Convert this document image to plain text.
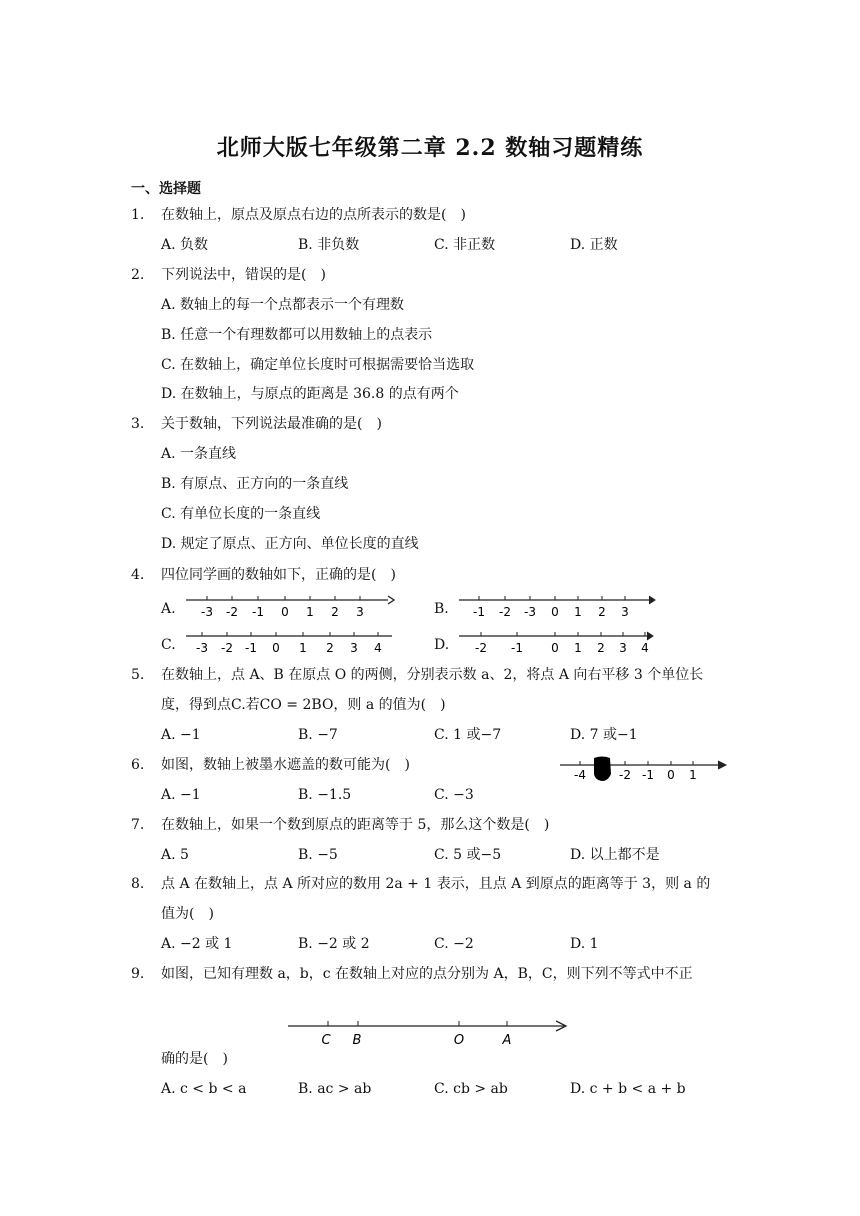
北师大版七年级第二章 2.2 数轴习题精练
一、选择题
1. 在数轴上，原点及原点右边的点所表示的数是(　)
A. 负数	B. 非负数	C. 非正数	D. 正数
2. 下列说法中，错误的是(　)
A. 数轴上的每一个点都表示一个有理数
B. 任意一个有理数都可以用数轴上的点表示
C. 在数轴上，确定单位长度时可根据需要恰当选取
D. 在数轴上，与原点的距离是 36.8 的点有两个
3. 关于数轴，下列说法最准确的是(　)
A. 一条直线
B. 有原点、正方向的一条直线
C. 有单位长度的一条直线
D. 规定了原点、正方向、单位长度的直线
4. 四位同学画的数轴如下，正确的是(　)
A.	B.
C.	D.
-3 -2 -1 0 1 2 3	-1 -2 -3 0 1 2 3
-3 -2 -1 0 1 2 3 4	-2 -1 0 1 2 3 4
5. 在数轴上，点 A、B 在原点 O 的两侧，分别表示数 a、2，将点 A 向右平移 3 个单位长
度，得到点C.若CO = 2BO，则 a 的值为(　)
A. −1	B. −7	C. 1 或−7	D. 7 或−1
6. 如图，数轴上被墨水遮盖的数可能为(　)
A. −1	B. −1.5	C. −3
-4	-2 -1 0 1
7. 在数轴上，如果一个数到原点的距离等于 5，那么这个数是(　)
A. 5	B. −5	C. 5 或−5	D. 以上都不是
8. 点 A 在数轴上，点 A 所对应的数用 2a + 1 表示，且点 A 到原点的距离等于 3，则 a 的
值为(　)
A. −2 或 1	B. −2 或 2	C. −2	D. 1
9. 如图，已知有理数 a，b，c 在数轴上对应的点分别为 A，B，C，则下列不等式中不正
C B	O	A
确的是(　)
A. c < b < a	B. ac > ab	C. cb > ab	D. c + b < a + b
